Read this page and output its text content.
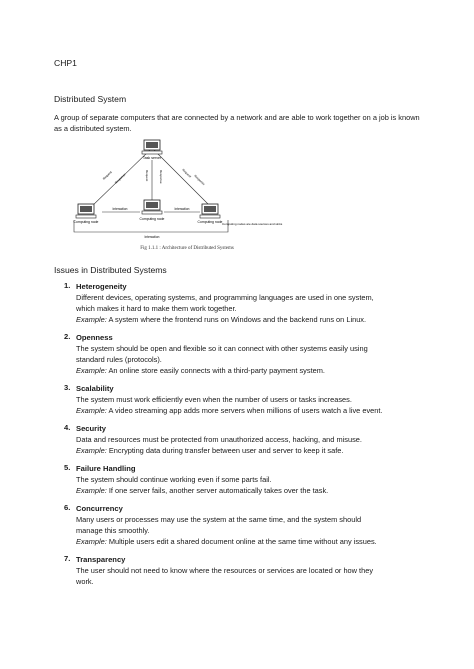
CHP1
Distributed System
A group of separate computers that are connected by a network and are able to work together on a job is known as a distributed system.
Task server
Computing node
Computing node
Computing node
Interaction	Interaction
Interaction
Request Response	Request	Response	Request
Response
Computing nodes are data sources and sinks
Fig 1.1.1 : Architecture of Distributed Systems
Issues in Distributed Systems
1. Heterogeneity
Different devices, operating systems, and programming languages are used in one system,
which makes it hard to make them work together.
Example: A system where the frontend runs on Windows and the backend runs on Linux.
2. Openness
The system should be open and flexible so it can connect with other systems easily using
standard rules (protocols).
Example: An online store easily connects with a third-party payment system.
3. Scalability
The system must work efficiently even when the number of users or tasks increases.
Example: A video streaming app adds more servers when millions of users watch a live event.
4. Security
Data and resources must be protected from unauthorized access, hacking, and misuse.
Example: Encrypting data during transfer between user and server to keep it safe.
5. Failure Handling
The system should continue working even if some parts fail.
Example: If one server fails, another server automatically takes over the task.
6. Concurrency
Many users or processes may use the system at the same time, and the system should
manage this smoothly.
Example: Multiple users edit a shared document online at the same time without any issues.
7. Transparency
The user should not need to know where the resources or services are located or how they
work.
